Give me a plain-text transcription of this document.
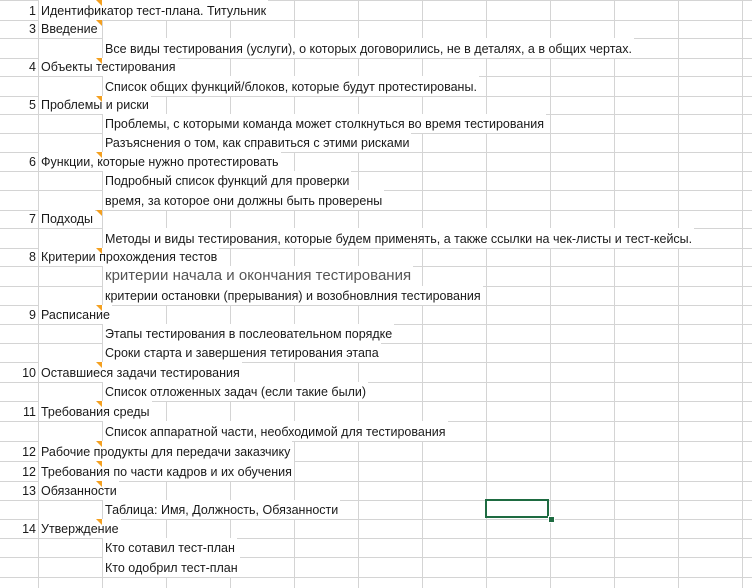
1 Идентификатор тест-плана. Титульник
3 Введение
Все виды тестирования (услуги), о которых договорились, не в деталях, а в общих чертах.
4 Объекты тестирования
Список общих функций/блоков, которые будут протестированы.
5 Проблемы и риски
Проблемы, с которыми команда может столкнуться во время тестирования
Разъяснения о том, как справиться с этими рисками
6 Функции, которые нужно протестировать
Подробный список функций для проверки
время, за которое они должны быть проверены
7 Подходы
Методы и виды тестирования, которые будем применять, а также ссылки на чек-листы и тест-кейсы.
8 Критерии прохождения тестов
критерии начала и окончания тестирования
критерии остановки (прерывания) и возобновлния тестирования
9 Расписание
Этапы тестирования в послеовательном порядке
Сроки старта и завершения тетирования этапа
10 Оставшиеся задачи тестирования
Список отложенных задач (если такие были)
11 Требования среды
Список аппаратной части, необходимой для тестирования
12 Рабочие продукты для передачи заказчику
12 Требования по части кадров и их обучения
13 Обязанности
Таблица: Имя, Должность, Обязанности
14 Утверждение
Кто сотавил тест-план
Кто одобрил тест-план
